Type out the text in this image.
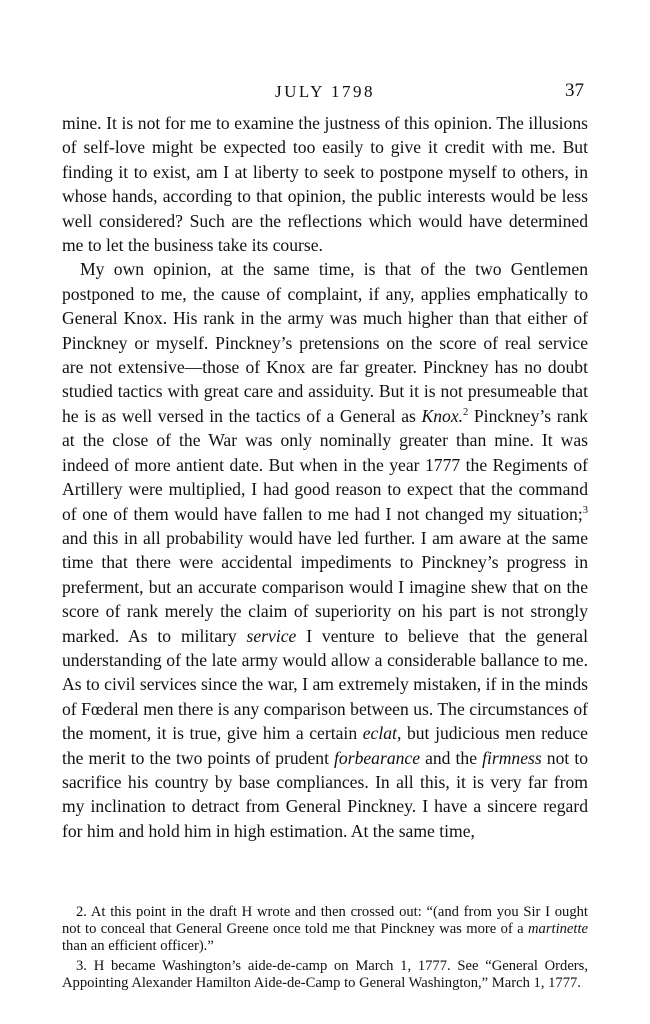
JULY 1798	37

mine. It is not for me to examine the justness of this opinion. The illusions of self-love might be expected too easily to give it credit with me. But finding it to exist, am I at liberty to seek to postpone myself to others, in whose hands, according to that opinion, the public interests would be less well considered? Such are the reflections which would have determined me to let the business take its course.

My own opinion, at the same time, is that of the two Gentlemen postponed to me, the cause of complaint, if any, applies emphatically to General Knox. His rank in the army was much higher than that either of Pinckney or myself. Pinckney’s pretensions on the score of real service are not extensive—those of Knox are far greater. Pinckney has no doubt studied tactics with great care and assiduity. But it is not presumeable that he is as well versed in the tactics of a General as Knox.$^2$ Pinckney’s rank at the close of the War was only nominally greater than mine. It was indeed of more antient date. But when in the year 1777 the Regiments of Artillery were multiplied, I had good reason to expect that the command of one of them would have fallen to me had I not changed my situation;$^3$ and this in all probability would have led further. I am aware at the same time that there were accidental impediments to Pinckney’s progress in preferment, but an accurate comparison would I imagine shew that on the score of rank merely the claim of superiority on his part is not strongly marked. As to military service I venture to believe that the general understanding of the late army would allow a considerable ballance to me. As to civil services since the war, I am extremely mistaken, if in the minds of Fœderal men there is any comparison between us. The circumstances of the moment, it is true, give him a certain eclat, but judicious men reduce the merit to the two points of prudent forbearance and the firmness not to sacrifice his country by base compliances. In all this, it is very far from my inclination to detract from General Pinckney. I have a sincere regard for him and hold him in high estimation. At the same time,

2. At this point in the draft H wrote and then crossed out: “(and from you Sir I ought not to conceal that General Greene once told me that Pinckney was more of a martinette than an efficient officer).”

3. H became Washington’s aide-de-camp on March 1, 1777. See “General Orders, Appointing Alexander Hamilton Aide-de-Camp to General Washington,” March 1, 1777.
